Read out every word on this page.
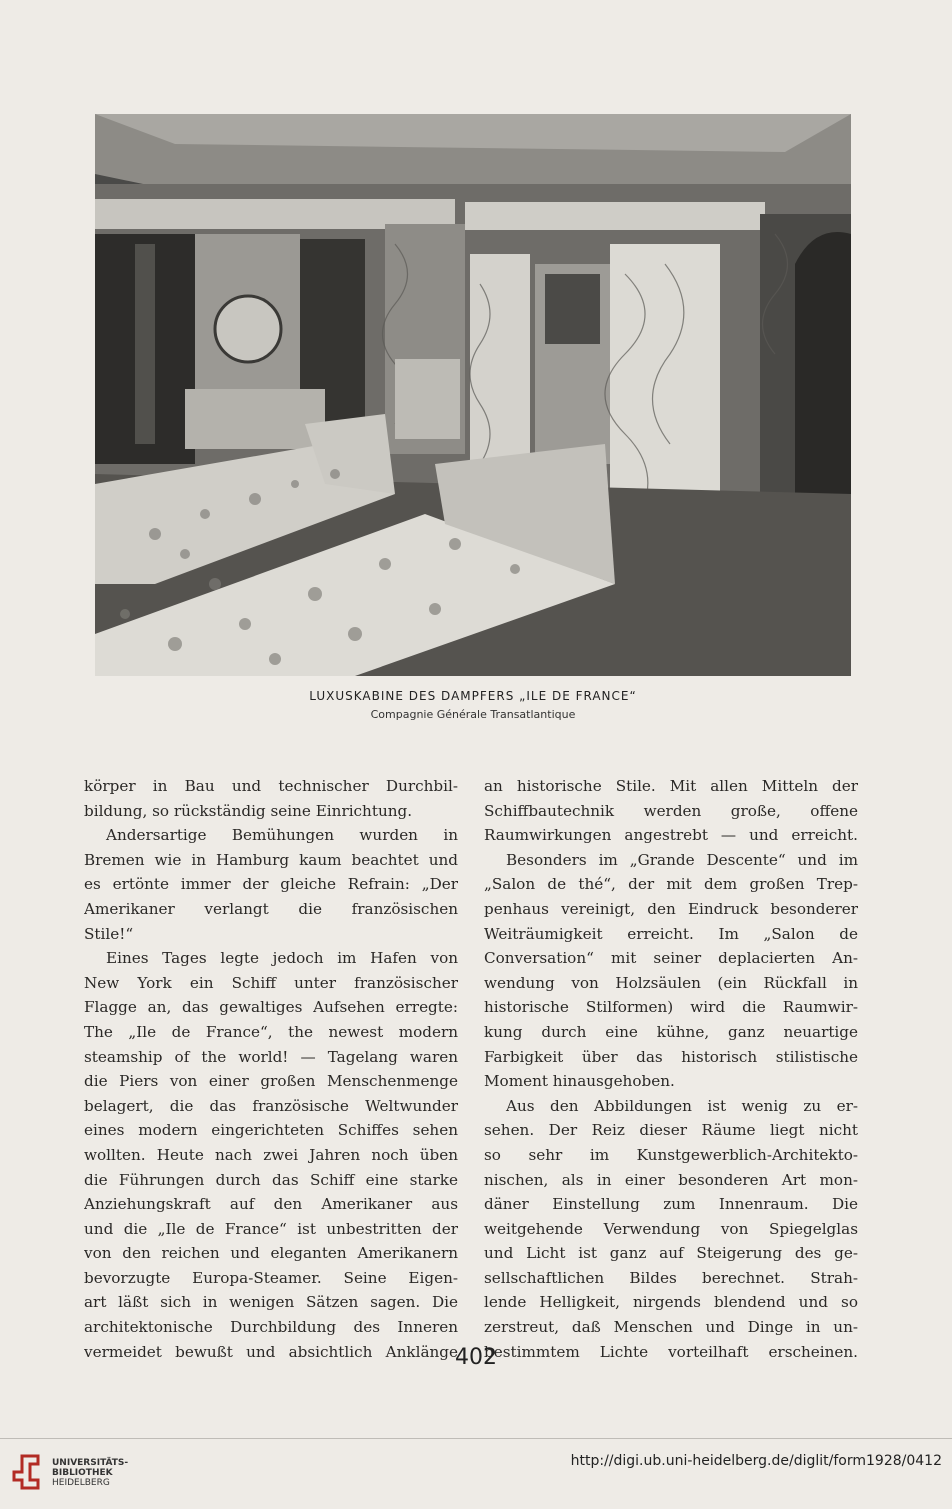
LUXUSKABINE DES DAMPFERS „ILE DE FRANCE“
Compagnie Générale Transatlantique
körper in Bau und technischer Durchbil-
bildung, so rückständig seine Einrichtung.
Andersartige Bemühungen wurden in
Bremen wie in Hamburg kaum beachtet und
es ertönte immer der gleiche Refrain: „Der
Amerikaner verlangt die französischen
Stile!“
Eines Tages legte jedoch im Hafen von
New York ein Schiff unter französischer
Flagge an, das gewaltiges Aufsehen erregte:
The „Ile de France“, the newest modern
steamship of the world! — Tagelang waren
die Piers von einer großen Menschenmenge
belagert, die das französische Weltwunder
eines modern eingerichteten Schiffes sehen
wollten. Heute nach zwei Jahren noch üben
die Führungen durch das Schiff eine starke
Anziehungskraft auf den Amerikaner aus
und die „Ile de France“ ist unbestritten der
von den reichen und eleganten Amerikanern
bevorzugte Europa-Steamer. Seine Eigen-
art läßt sich in wenigen Sätzen sagen. Die
architektonische Durchbildung des Inneren
vermeidet bewußt und absichtlich Anklänge
an historische Stile. Mit allen Mitteln der
Schiffbautechnik werden große, offene
Raumwirkungen angestrebt — und erreicht.
Besonders im „Grande Descente“ und im
„Salon de thé“, der mit dem großen Trep-
penhaus vereinigt, den Eindruck besonderer
Weiträumigkeit erreicht. Im „Salon de
Conversation“ mit seiner deplacierten An-
wendung von Holzsäulen (ein Rückfall in
historische Stilformen) wird die Raumwir-
kung durch eine kühne, ganz neuartige
Farbigkeit über das historisch stilistische
Moment hinausgehoben.
Aus den Abbildungen ist wenig zu er-
sehen. Der Reiz dieser Räume liegt nicht
so sehr im Kunstgewerblich-Architekto-
nischen, als in einer besonderen Art mon-
däner Einstellung zum Innenraum. Die
weitgehende Verwendung von Spiegelglas
und Licht ist ganz auf Steigerung des ge-
sellschaftlichen Bildes berechnet. Strah-
lende Helligkeit, nirgends blendend und so
zerstreut, daß Menschen und Dinge in un-
bestimmtem Lichte vorteilhaft erscheinen.
402
UNIVERSITÄTS-
BIBLIOTHEK
HEIDELBERG
http://digi.ub.uni-heidelberg.de/diglit/form1928/0412
